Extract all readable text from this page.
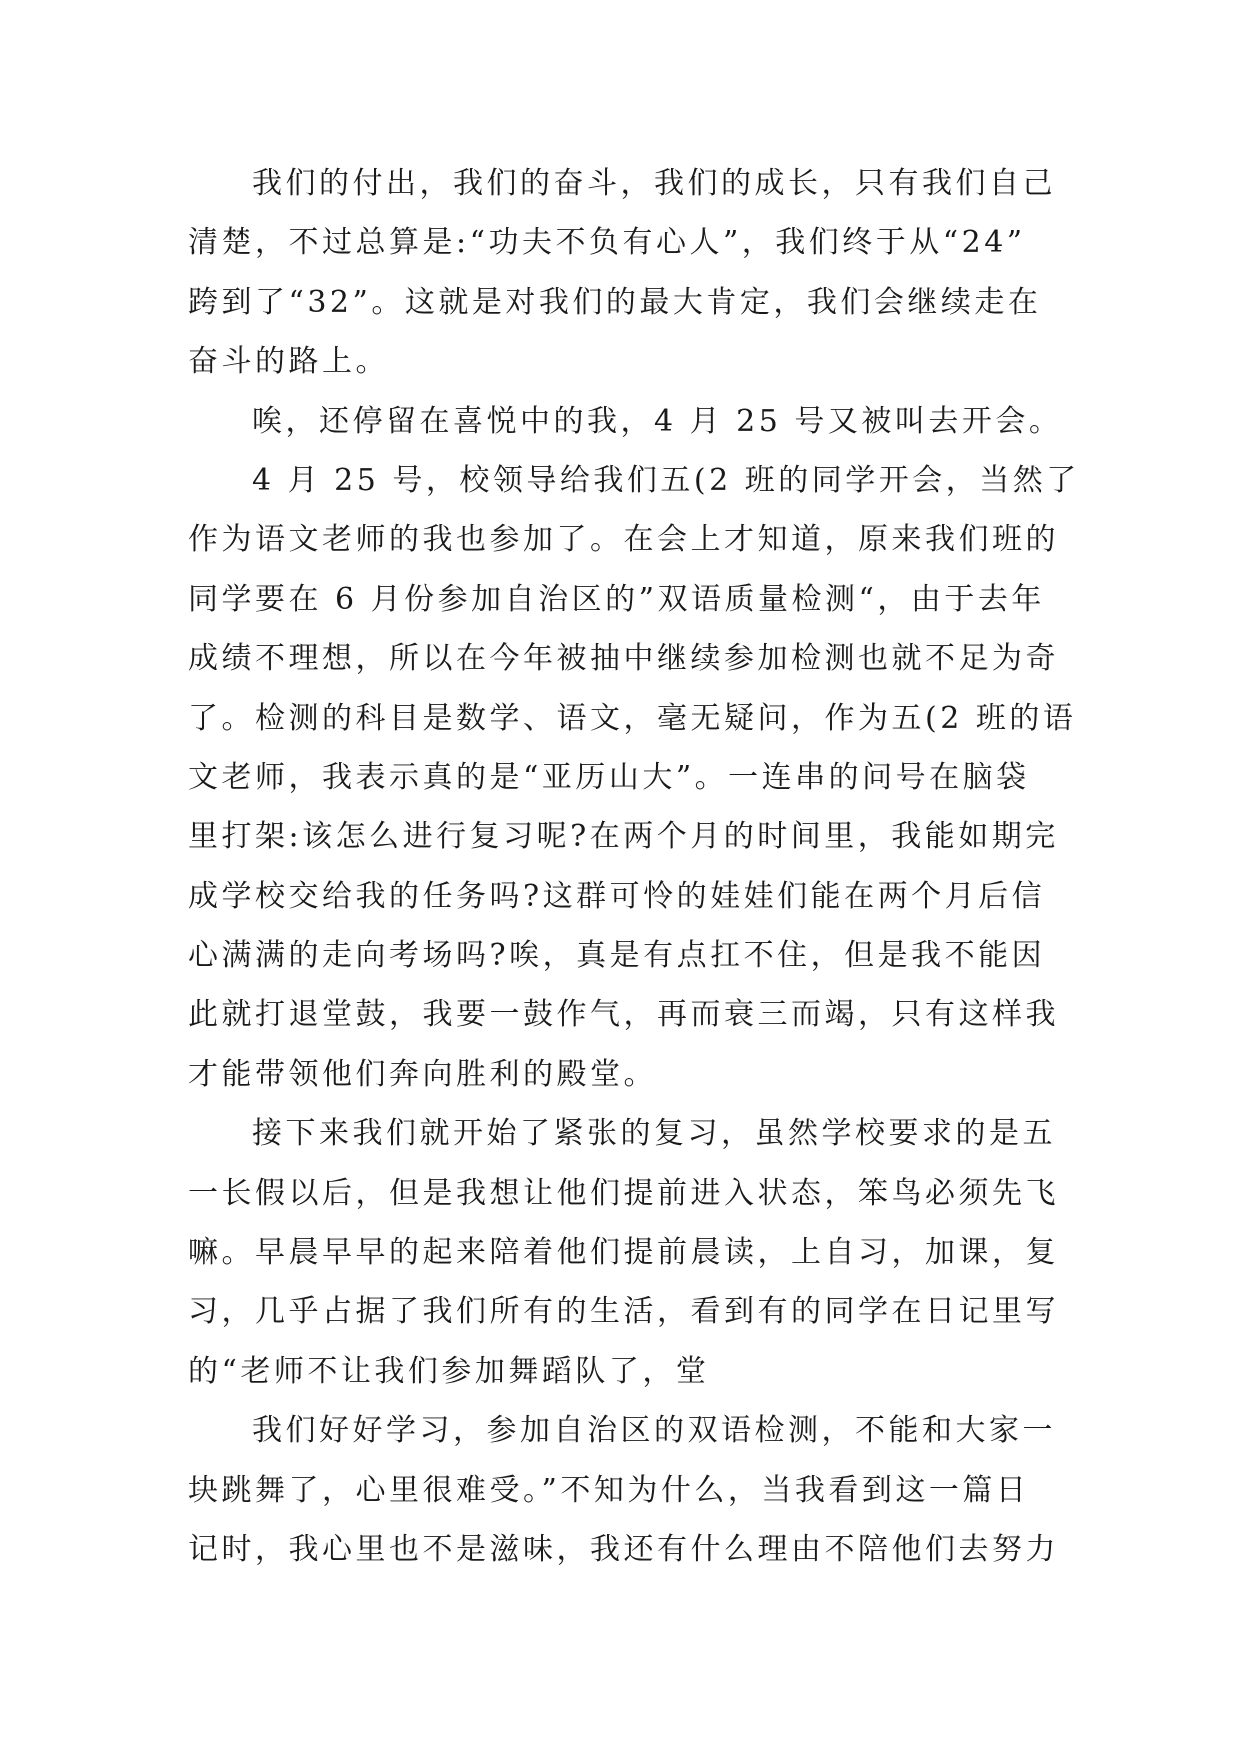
我们的付出，我们的奋斗，我们的成长，只有我们自己
清楚，不过总算是:“功夫不负有心人”，我们终于从“24”
跨到了“32”。这就是对我们的最大肯定，我们会继续走在
奋斗的路上。
唉，还停留在喜悦中的我，4 月 25 号又被叫去开会。
4 月 25 号，校领导给我们五(2 班的同学开会，当然了
作为语文老师的我也参加了。在会上才知道，原来我们班的
同学要在 6 月份参加自治区的”双语质量检测“，由于去年
成绩不理想，所以在今年被抽中继续参加检测也就不足为奇
了。检测的科目是数学、语文，毫无疑问，作为五(2 班的语
文老师，我表示真的是“亚历山大”。一连串的问号在脑袋
里打架:该怎么进行复习呢?在两个月的时间里，我能如期完
成学校交给我的任务吗?这群可怜的娃娃们能在两个月后信
心满满的走向考场吗?唉，真是有点扛不住，但是我不能因
此就打退堂鼓，我要一鼓作气，再而衰三而竭，只有这样我
才能带领他们奔向胜利的殿堂。
接下来我们就开始了紧张的复习，虽然学校要求的是五
一长假以后，但是我想让他们提前进入状态，笨鸟必须先飞
嘛。早晨早早的起来陪着他们提前晨读，上自习，加课，复
习，几乎占据了我们所有的生活，看到有的同学在日记里写
的“老师不让我们参加舞蹈队了，堂
我们好好学习，参加自治区的双语检测，不能和大家一
块跳舞了，心里很难受。”不知为什么，当我看到这一篇日
记时，我心里也不是滋味，我还有什么理由不陪他们去努力
